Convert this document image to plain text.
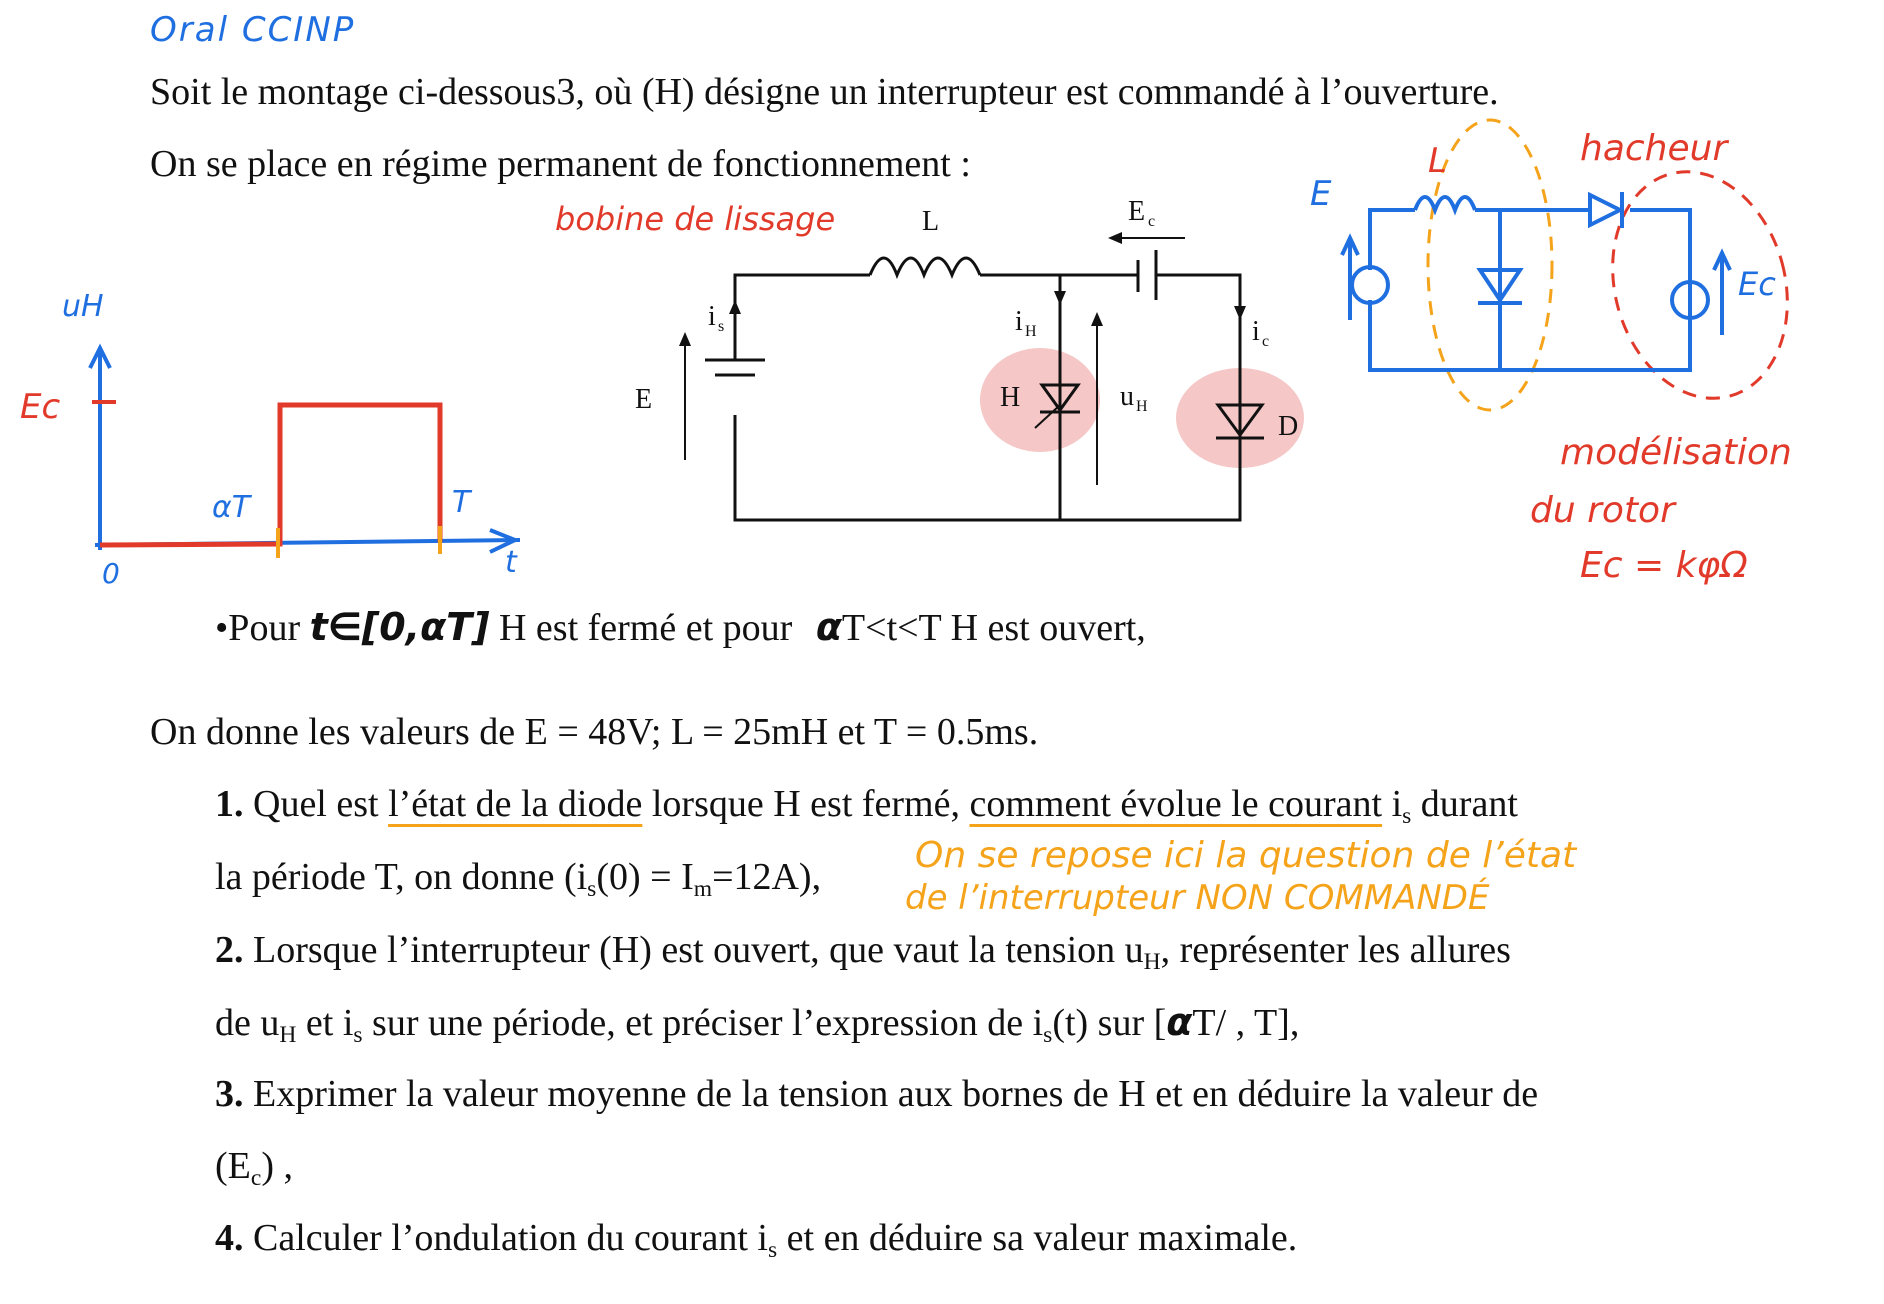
Oral CCINP
Soit le montage ci-dessous3, où (H) désigne un interrupteur est commandé à l’ouverture.
On se place en régime permanent de fonctionnement :
uH
Ec
0
αT	T
t
L	E c
i s	i H	i c
E	H	u H
D
bobine de lissage
E
L
Ec
hacheur
modélisation
du rotor
Ec = kφΩ
•Pour t∈[0,αT] H est fermé et pour αT<t<T H est ouvert,
On donne les valeurs de E = 48V; L = 25mH et T = 0.5ms.
1. Quel est l’état de la diode lorsque H est fermé, comment évolue le courant $i_s$ durant
la période T, on donne $(i_s(0) = I_m=12A)$,
On se repose ici la question de l’état
de l’interrupteur NON COMMANDÉ
2. Lorsque l’interrupteur (H) est ouvert, que vaut la tension $u_H$, représenter les allures
de $u_H$ et $i_s$ sur une période, et préciser l’expression de $i_s(t)$ sur [αT/ , T],
3. Exprimer la valeur moyenne de la tension aux bornes de H et en déduire la valeur de
$(E_c)$ ,
4. Calculer l’ondulation du courant $i_s$ et en déduire sa valeur maximale.
